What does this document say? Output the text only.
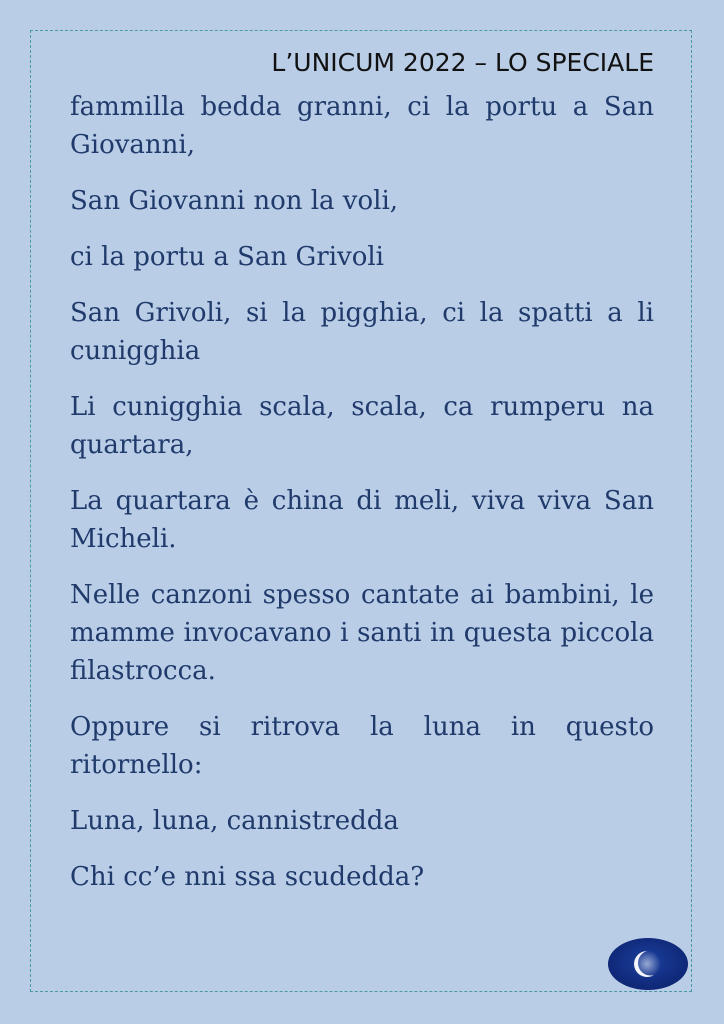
L’UNICUM 2022 – LO SPECIALE

fammilla bedda granni, ci la portu a San Giovanni,

San Giovanni non la voli,

ci la portu a San Grivoli

San Grivoli, si la pigghia, ci la spatti a li cunigghia

Li cunigghia scala, scala, ca rumperu na quartara,

La quartara è china di meli, viva viva San Micheli.

Nelle canzoni spesso cantate ai bambini, le mamme invocavano i santi in questa piccola filastrocca.

Oppure si ritrova la luna in questo ritornello:

Luna, luna, cannistredda

Chi cc’e nni ssa scudedda?
